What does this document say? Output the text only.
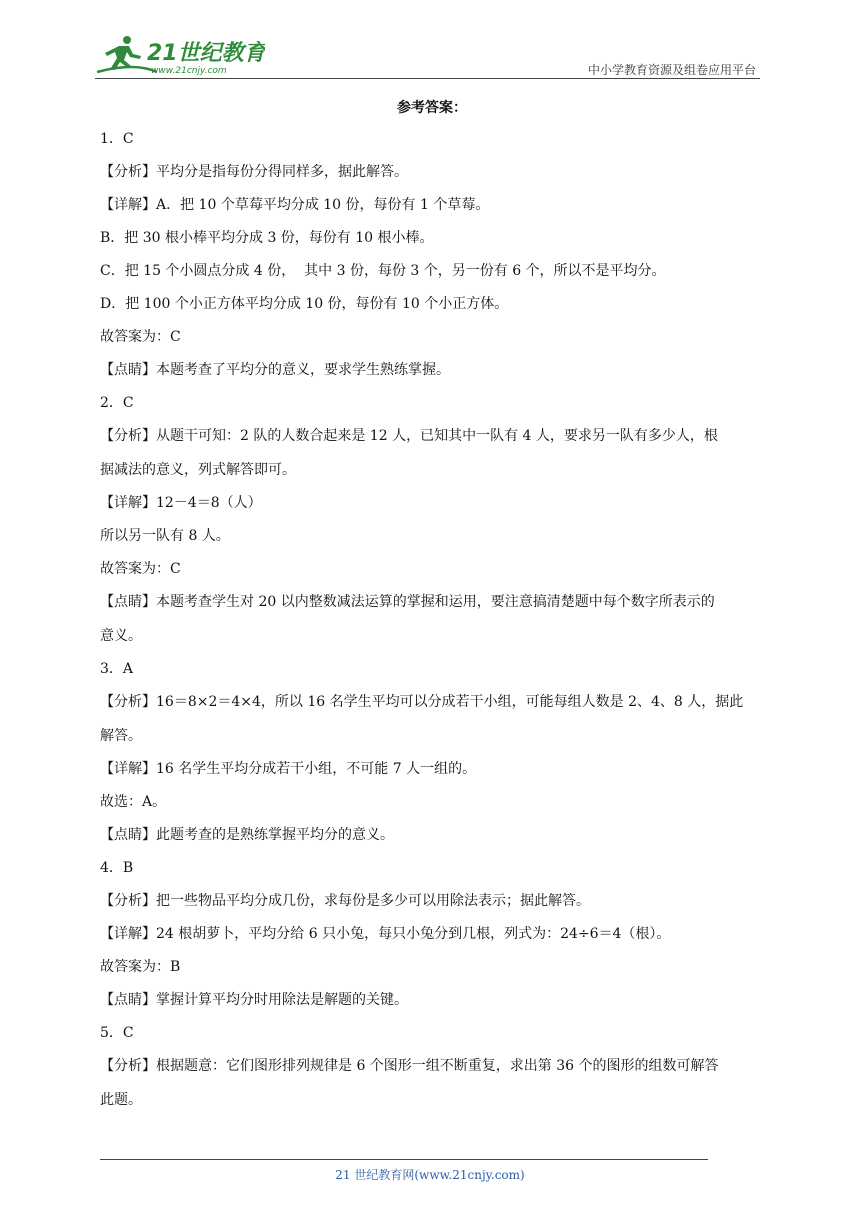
21世纪教育
www.21cnjy.com	中小学教育资源及组卷应用平台
参考答案：
1．C
【分析】平均分是指每份分得同样多，据此解答。
【详解】A．把 10 个草莓平均分成 10 份，每份有 1 个草莓。
B．把 30 根小棒平均分成 3 份，每份有 10 根小棒。
C．把 15 个小圆点分成 4 份，  其中 3 份，每份 3 个，另一份有 6 个，所以不是平均分。
D．把 100 个小正方体平均分成 10 份，每份有 10 个小正方体。
故答案为：C
【点睛】本题考查了平均分的意义，要求学生熟练掌握。
2．C
【分析】从题干可知：2 队的人数合起来是 12 人，已知其中一队有 4 人，要求另一队有多少人，根
据减法的意义，列式解答即可。
【详解】12－4＝8（人）
所以另一队有 8 人。
故答案为：C
【点睛】本题考查学生对 20 以内整数减法运算的掌握和运用，要注意搞清楚题中每个数字所表示的
意义。
3．A
【分析】16＝8×2＝4×4，所以 16 名学生平均可以分成若干小组，可能每组人数是 2、4、8 人，据此
解答。
【详解】16 名学生平均分成若干小组，不可能 7 人一组的。
故选：A。
【点睛】此题考查的是熟练掌握平均分的意义。
4．B
【分析】把一些物品平均分成几份，求每份是多少可以用除法表示；据此解答。
【详解】24 根胡萝卜，平均分给 6 只小兔，每只小兔分到几根，列式为：24÷6＝4（根）。
故答案为：B
【点睛】掌握计算平均分时用除法是解题的关键。
5．C
【分析】根据题意：它们图形排列规律是 6 个图形一组不断重复，求出第 36 个的图形的组数可解答
此题。
21 世纪教育网(www.21cnjy.com)
